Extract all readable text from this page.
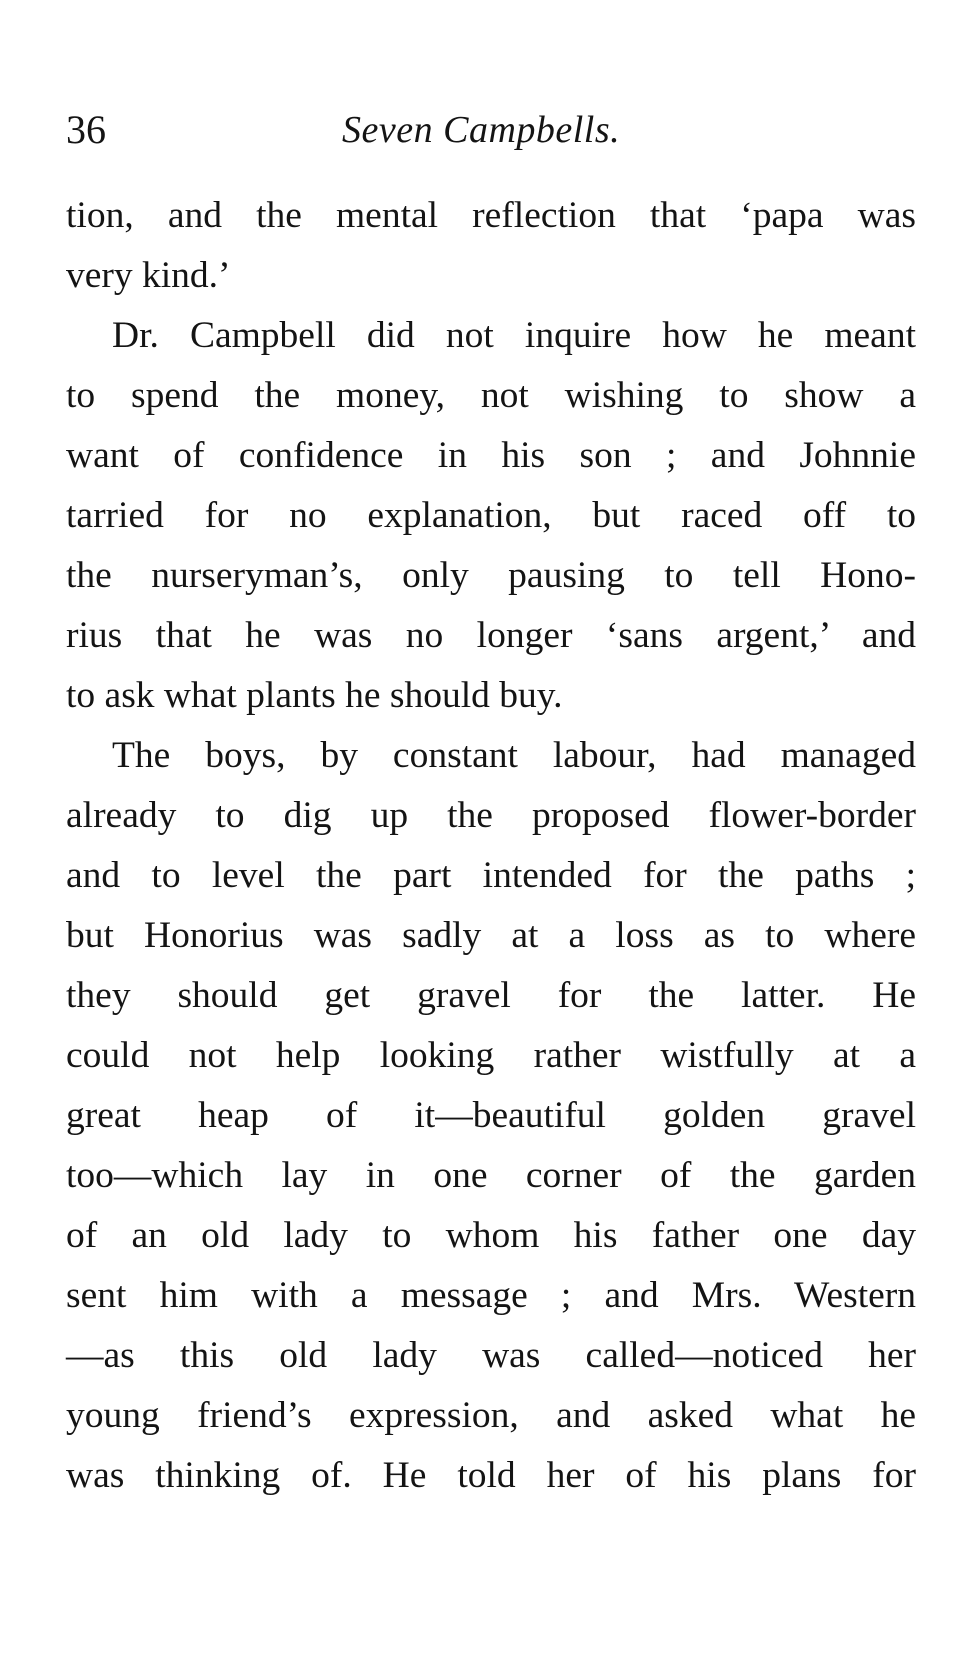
36	Seven Campbells.
tion, and the mental reflection that ‘papa was
very kind.’
Dr. Campbell did not inquire how he meant
to spend the money, not wishing to show a
want of confidence in his son ; and Johnnie
tarried for no explanation, but raced off to
the nurseryman’s, only pausing to tell Hono-
rius that he was no longer ‘sans argent,’ and
to ask what plants he should buy.
The boys, by constant labour, had managed
already to dig up the proposed flower-border
and to level the part intended for the paths ;
but Honorius was sadly at a loss as to where
they should get gravel for the latter. He
could not help looking rather wistfully at a
great heap of it—beautiful golden gravel
too—which lay in one corner of the garden
of an old lady to whom his father one day
sent him with a message ; and Mrs. Western
—as this old lady was called—noticed her
young friend’s expression, and asked what he
was thinking of. He told her of his plans for
